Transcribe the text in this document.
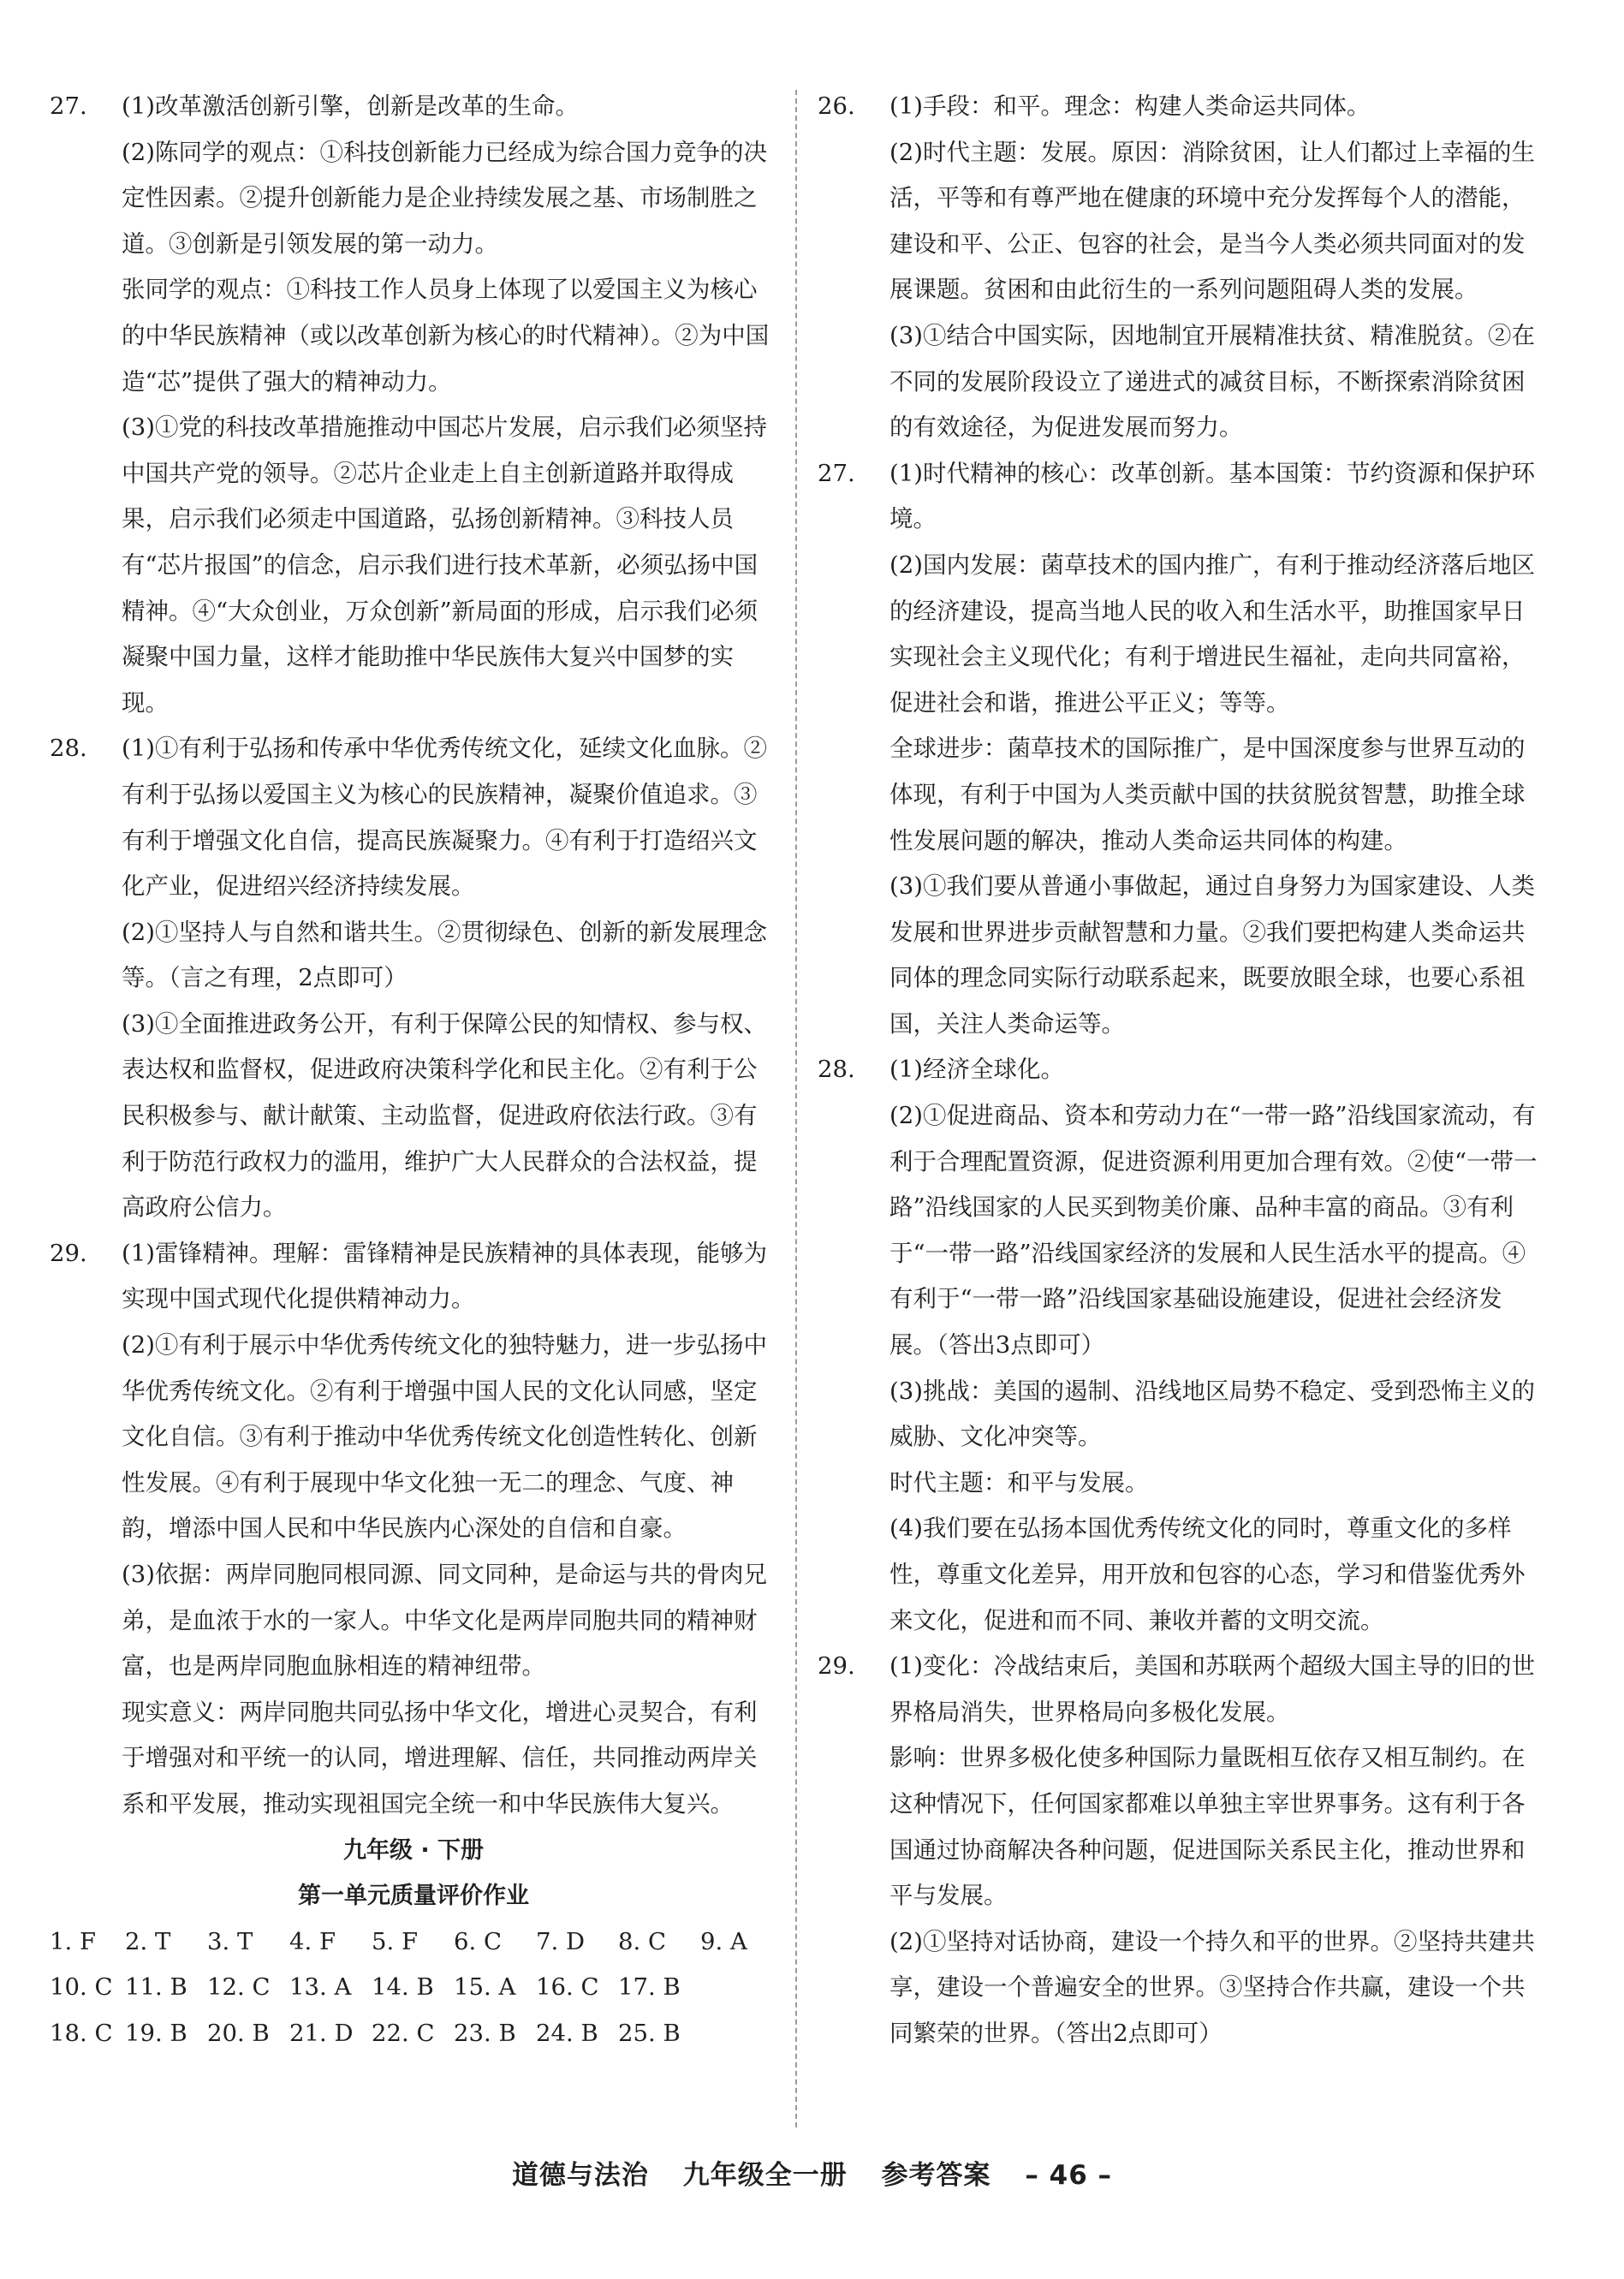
27.	(1)改革激活创新引擎，创新是改革的生命。
(2)陈同学的观点：①科技创新能力已经成为综合国力竞争的决定性因素。②提升创新能力是企业持续发展之基、市场制胜之道。③创新是引领发展的第一动力。
张同学的观点：①科技工作人员身上体现了以爱国主义为核心的中华民族精神（或以改革创新为核心的时代精神）。②为中国造“芯”提供了强大的精神动力。
(3)①党的科技改革措施推动中国芯片发展，启示我们必须坚持中国共产党的领导。②芯片企业走上自主创新道路并取得成果，启示我们必须走中国道路，弘扬创新精神。③科技人员有“芯片报国”的信念，启示我们进行技术革新，必须弘扬中国精神。④“大众创业，万众创新”新局面的形成，启示我们必须凝聚中国力量，这样才能助推中华民族伟大复兴中国梦的实现。
28.	(1)①有利于弘扬和传承中华优秀传统文化，延续文化血脉。②有利于弘扬以爱国主义为核心的民族精神，凝聚价值追求。③有利于增强文化自信，提高民族凝聚力。④有利于打造绍兴文化产业，促进绍兴经济持续发展。
(2)①坚持人与自然和谐共生。②贯彻绿色、创新的新发展理念等。（言之有理，2点即可）
(3)①全面推进政务公开，有利于保障公民的知情权、参与权、表达权和监督权，促进政府决策科学化和民主化。②有利于公民积极参与、献计献策、主动监督，促进政府依法行政。③有利于防范行政权力的滥用，维护广大人民群众的合法权益，提高政府公信力。
29.	(1)雷锋精神。理解：雷锋精神是民族精神的具体表现，能够为实现中国式现代化提供精神动力。
(2)①有利于展示中华优秀传统文化的独特魅力，进一步弘扬中华优秀传统文化。②有利于增强中国人民的文化认同感，坚定文化自信。③有利于推动中华优秀传统文化创造性转化、创新性发展。④有利于展现中华文化独一无二的理念、气度、神韵，增添中国人民和中华民族内心深处的自信和自豪。
(3)依据：两岸同胞同根同源、同文同种，是命运与共的骨肉兄弟，是血浓于水的一家人。中华文化是两岸同胞共同的精神财富，也是两岸同胞血脉相连的精神纽带。
现实意义：两岸同胞共同弘扬中华文化，增进心灵契合，有利于增强对和平统一的认同，增进理解、信任，共同推动两岸关系和平发展，推动实现祖国完全统一和中华民族伟大复兴。
九年级 · 下册
第一单元质量评价作业
1. F	2. T	3. T	4. F	5. F	6. C	7. D	8. C	9. A
10. C 11. B 12. C 13. A 14. B 15. A 16. C 17. B
18. C 19. B 20. B 21. D 22. C 23. B 24. B 25. B
26.	(1)手段：和平。理念：构建人类命运共同体。
(2)时代主题：发展。原因：消除贫困，让人们都过上幸福的生活，平等和有尊严地在健康的环境中充分发挥每个人的潜能，建设和平、公正、包容的社会，是当今人类必须共同面对的发展课题。贫困和由此衍生的一系列问题阻碍人类的发展。
(3)①结合中国实际，因地制宜开展精准扶贫、精准脱贫。②在不同的发展阶段设立了递进式的减贫目标，不断探索消除贫困的有效途径，为促进发展而努力。
27.	(1)时代精神的核心：改革创新。基本国策：节约资源和保护环境。
(2)国内发展：菌草技术的国内推广，有利于推动经济落后地区的经济建设，提高当地人民的收入和生活水平，助推国家早日实现社会主义现代化；有利于增进民生福祉，走向共同富裕，促进社会和谐，推进公平正义；等等。
全球进步：菌草技术的国际推广，是中国深度参与世界互动的体现，有利于中国为人类贡献中国的扶贫脱贫智慧，助推全球性发展问题的解决，推动人类命运共同体的构建。
(3)①我们要从普通小事做起，通过自身努力为国家建设、人类发展和世界进步贡献智慧和力量。②我们要把构建人类命运共同体的理念同实际行动联系起来，既要放眼全球，也要心系祖国，关注人类命运等。
28.	(1)经济全球化。
(2)①促进商品、资本和劳动力在“一带一路”沿线国家流动，有利于合理配置资源，促进资源利用更加合理有效。②使“一带一路”沿线国家的人民买到物美价廉、品种丰富的商品。③有利于“一带一路”沿线国家经济的发展和人民生活水平的提高。④有利于“一带一路”沿线国家基础设施建设，促进社会经济发展。（答出3点即可）
(3)挑战：美国的遏制、沿线地区局势不稳定、受到恐怖主义的威胁、文化冲突等。
时代主题：和平与发展。
(4)我们要在弘扬本国优秀传统文化的同时，尊重文化的多样性，尊重文化差异，用开放和包容的心态，学习和借鉴优秀外来文化，促进和而不同、兼收并蓄的文明交流。
29.	(1)变化：冷战结束后，美国和苏联两个超级大国主导的旧的世界格局消失，世界格局向多极化发展。
影响：世界多极化使多种国际力量既相互依存又相互制约。在这种情况下，任何国家都难以单独主宰世界事务。这有利于各国通过协商解决各种问题，促进国际关系民主化，推动世界和平与发展。
(2)①坚持对话协商，建设一个持久和平的世界。②坚持共建共享，建设一个普遍安全的世界。③坚持合作共赢，建设一个共同繁荣的世界。（答出2点即可）
道德与法治 九年级全一册 参考答案 – 46 –
